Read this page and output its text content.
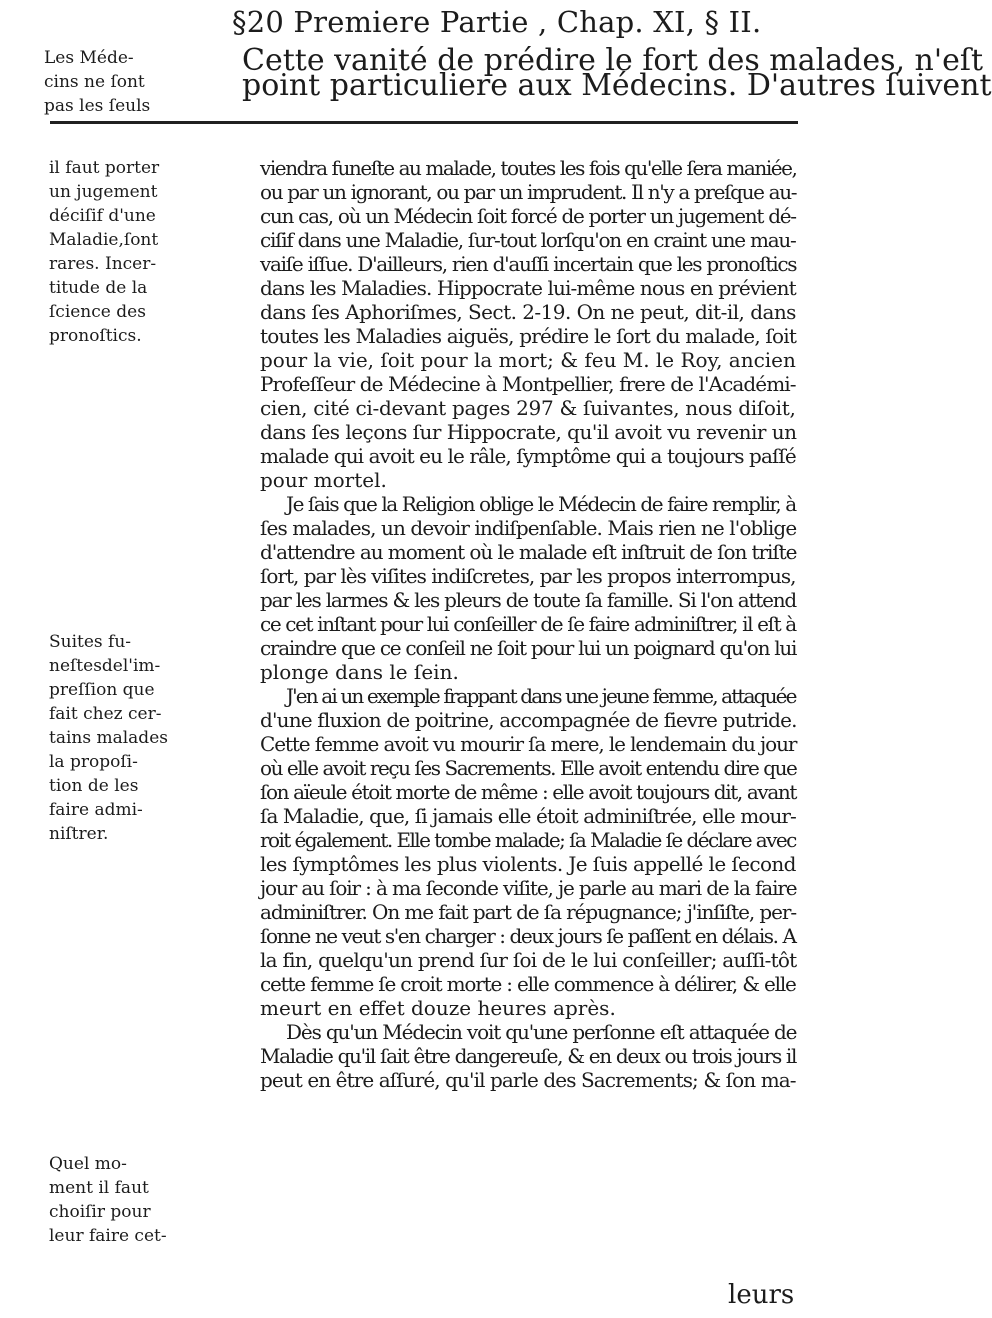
§20 Premiere Partie , Chap. XI, § II.
Cette vanité de prédire le fort des malades, n'eſt
point particuliere aux Médecins. D'autres ſuivent
Les Méde-
cins ne ſont
pas les ſeuls
il faut porter
un jugement
déciſif d'une
Maladie,ſont
rares. Incer-
titude de la
ſcience des
pronoſtics.
Suites fu-
neſtesdel'im-
preſſion que
fait chez cer-
tains malades
la propoſi-
tion de les
faire admi-
niſtrer.
Quel mo-
ment il faut
choiſir pour
leur faire cet-
viendra funeſte au malade, toutes les fois qu'elle ſera maniée,
ou par un ignorant, ou par un imprudent. Il n'y a preſque au-
cun cas, où un Médecin ſoit forcé de porter un jugement dé-
ciſif dans une Maladie, ſur-tout lorſqu'on en craint une mau-
vaiſe iſſue. D'ailleurs, rien d'auſſi incertain que les pronoſtics
dans les Maladies. Hippocrate lui-même nous en prévient
dans ſes Aphoriſmes, Sect. 2-19. On ne peut, dit-il, dans
toutes les Maladies aiguës, prédire le ſort du malade, ſoit
pour la vie, ſoit pour la mort; & feu M. le Roy, ancien
Profeſſeur de Médecine à Montpellier, frere de l'Académi-
cien, cité ci-devant pages 297 & ſuivantes, nous diſoit,
dans ſes leçons ſur Hippocrate, qu'il avoit vu revenir un
malade qui avoit eu le râle, ſymptôme qui a toujours paſſé
pour mortel.
Je ſais que la Religion oblige le Médecin de faire remplir, à
ſes malades, un devoir indiſpenſable. Mais rien ne l'oblige
d'attendre au moment où le malade eſt inſtruit de ſon triſte
ſort, par lès viſites indiſcretes, par les propos interrompus,
par les larmes & les pleurs de toute ſa famille. Si l'on attend
ce cet inſtant pour lui conſeiller de ſe faire adminiſtrer, il eſt à
craindre que ce conſeil ne ſoit pour lui un poignard qu'on lui
plonge dans le ſein.
J'en ai un exemple frappant dans une jeune femme, attaquée
d'une fluxion de poitrine, accompagnée de fievre putride.
Cette femme avoit vu mourir ſa mere, le lendemain du jour
où elle avoit reçu ſes Sacrements. Elle avoit entendu dire que
ſon aïeule étoit morte de même : elle avoit toujours dit, avant
ſa Maladie, que, ſi jamais elle étoit adminiſtrée, elle mour-
roit également. Elle tombe malade; ſa Maladie ſe déclare avec
les ſymptômes les plus violents. Je ſuis appellé le ſecond
jour au ſoir : à ma ſeconde viſite, je parle au mari de la faire
adminiſtrer. On me fait part de ſa répugnance; j'inſiſte, per-
ſonne ne veut s'en charger : deux jours ſe paſſent en délais. A
la fin, quelqu'un prend ſur ſoi de le lui conſeiller; auſſi-tôt
cette femme ſe croit morte : elle commence à délirer, & elle
meurt en effet douze heures après.
Dès qu'un Médecin voit qu'une perſonne eſt attaquée de
Maladie qu'il ſait être dangereuſe, & en deux ou trois jours il
peut en être aſſuré, qu'il parle des Sacrements; & ſon ma-
leurs
